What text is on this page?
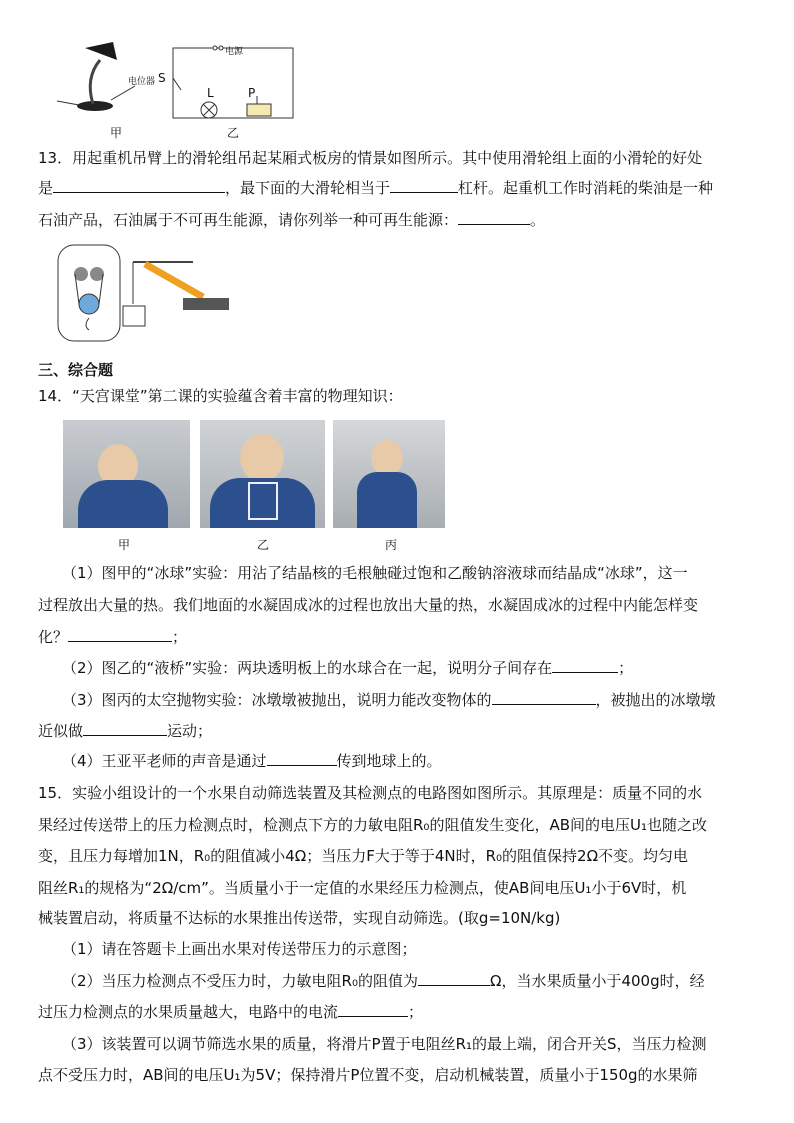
电位器 S
电源
L	P
甲	乙
13．用起重机吊臂上的滑轮组吊起某厢式板房的情景如图所示。其中使用滑轮组上面的小滑轮的好处
是	，最下面的大滑轮相当于	杠杆。起重机工作时消耗的柴油是一种
石油产品，石油属于不可再生能源，请你列举一种可再生能源：	。
三、综合题
14．“天宫课堂”第二课的实验蕴含着丰富的物理知识：
甲	乙	丙
（1）图甲的“冰球”实验：用沾了结晶核的毛根触碰过饱和乙酸钠溶液球而结晶成“冰球”，这一
过程放出大量的热。我们地面的水凝固成冰的过程也放出大量的热，水凝固成冰的过程中内能怎样变
化？	；
（2）图乙的“液桥”实验：两块透明板上的水球合在一起，说明分子间存在	；
（3）图丙的太空抛物实验：冰墩墩被抛出，说明力能改变物体的	，被抛出的冰墩墩
近似做	运动；
（4）王亚平老师的声音是通过	传到地球上的。
15．实验小组设计的一个水果自动筛选装置及其检测点的电路图如图所示。其原理是：质量不同的水
果经过传送带上的压力检测点时，检测点下方的力敏电阻R₀的阻值发生变化，AB间的电压U₁也随之改
变，且压力每增加1N，R₀的阻值减小4Ω；当压力F大于等于4N时，R₀的阻值保持2Ω不变。均匀电
阻丝R₁的规格为“2Ω/cm”。当质量小于一定值的水果经压力检测点，使AB间电压U₁小于6V时，机
械装置启动，将质量不达标的水果推出传送带，实现自动筛选。(取g=10N/kg)
（1）请在答题卡上画出水果对传送带压力的示意图；
（2）当压力检测点不受压力时，力敏电阻R₀的阻值为	Ω，当水果质量小于400g时，经
过压力检测点的水果质量越大，电路中的电流	；
（3）该装置可以调节筛选水果的质量，将滑片P置于电阻丝R₁的最上端，闭合开关S，当压力检测
点不受压力时，AB间的电压U₁为5V；保持滑片P位置不变，启动机械装置，质量小于150g的水果筛
